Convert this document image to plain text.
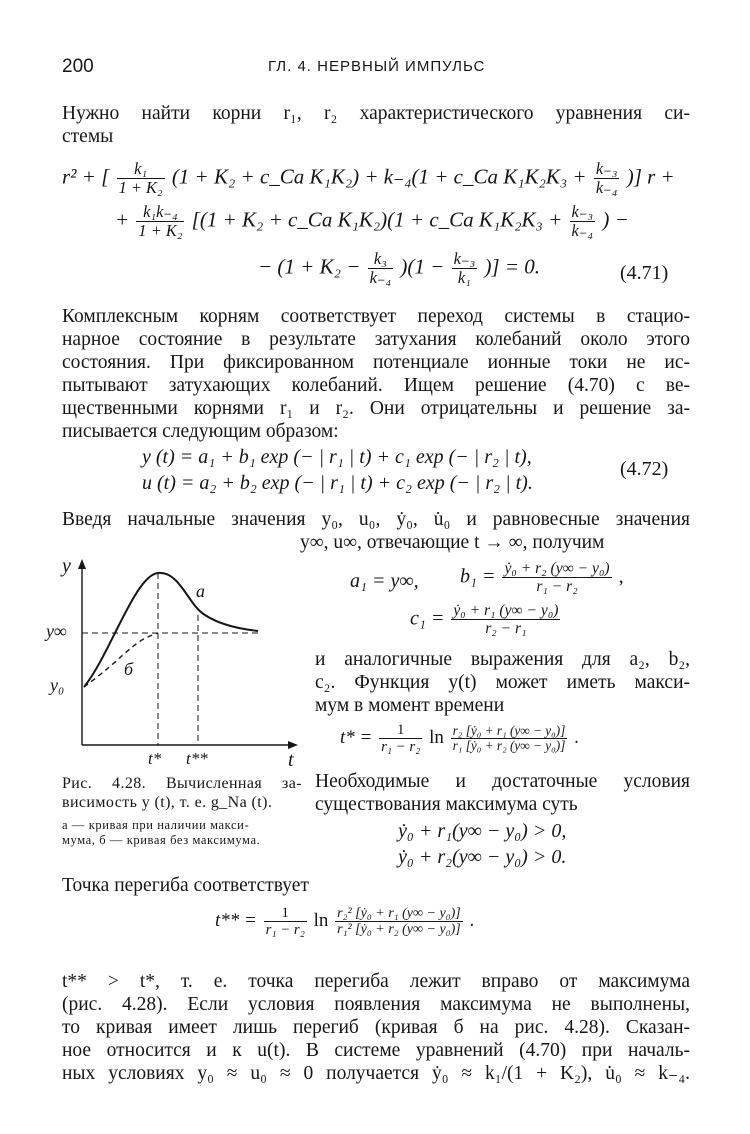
200	ГЛ. 4. НЕРВНЫЙ ИМПУЛЬС
Нужно найти корни r₁, r₂ характеристического уравнения си-
стемы
r² + [ $\frac{\text{k₁}}{\text{1 + K₂}} (1 + K_2$ + c_Ca K₁K₂) + k₋₄(1 + c_Ca $K_1K_2K_3 + \frac{\text{k₋₃}}{\text{k₋₄}}$ )] r +
+ $\frac{\text{k₁k₋₄}}{\text{1 + K₂}} [(1 + K_2$ + c_Ca K₁K₂)(1 + c_Ca $K_1K_2K_3 + \frac{\text{k₋₃}}{\text{k₋₄}}$ ) −
− $(1 + K_2 - \frac{\text{k₃}}{\text{k₋₄}} )(1 - \frac{\text{k₋₃}}{\text{k₁}}$ )] = 0.	(4.71)
Комплексным корням соответствует переход системы в стацио-
нарное состояние в результате затухания колебаний около этого
состояния. При фиксированном потенциале ионные токи не ис-
пытывают затухающих колебаний. Ищем решение (4.70) с ве-
щественными корнями r₁ и r₂. Они отрицательны и решение за-
писывается следующим образом:
y (t) = a₁ + b₁ exp (− | r₁ | t) + c₁ exp (− | r₂ | t),
u (t) = a₂ + b₂ exp (− | r₁ | t) + c₂ exp (− | r₂ | t).
(4.72)
Введя начальные значения y₀, u₀, ẏ₀, u̇₀ и равновесные значения
y∞, u∞, отвечающие t → ∞, получим
a₁ = y∞, $b_1 = \frac{\text{ẏ₀ + r₂ (y∞ − y₀)}}{\text{r₁ − r₂}}$ ,
$c_1 = \frac{\text{ẏ₀ + r₁ (y∞ − y₀)}}{\text{r₂ − r₁}}$
и аналогичные выражения для a₂, b₂,
c₂. Функция y(t) может иметь макси-
мум в момент времени
$t* = \frac{1}{\text{r₁ − r₂}}$ $\ln \frac{\text{r₂ [ẏ₀ + r₁ (y∞ − y₀)]}}{\text{r₁ [ẏ₀ + r₂ (y∞ − y₀)]}}$ .
Необходимые и достаточные условия
существования максимума суть
ẏ₀ + r₁(y∞ − y₀) > 0,
ẏ₀ + r₂(y∞ − y₀) > 0.
y
t
y∞
y₀
t* t**
a
б
Рис. 4.28. Вычисленная за-
висимость y (t), т. е. g_Na (t).
a — кривая при наличии макси-
мума, б — кривая без максимума.
Точка перегиба соответствует
$t** = \frac{1}{\text{r₁ − r₂}}$ $\ln \frac{\text{r₂² [ẏ₀ + r₁ (y∞ − y₀)]}}{\text{r₁² [ẏ₀ + r₂ (y∞ − y₀)]}}$ .
t** > t*, т. е. точка перегиба лежит вправо от максимума
(рис. 4.28). Если условия появления максимума не выполнены,
то кривая имеет лишь перегиб (кривая б на рис. 4.28). Сказан-
ное относится и к u(t). В системе уравнений (4.70) при началь-
ных условиях y₀ ≈ u₀ ≈ 0 получается ẏ₀ ≈ k₁/(1 + K₂), u̇₀ ≈ k₋₄.
